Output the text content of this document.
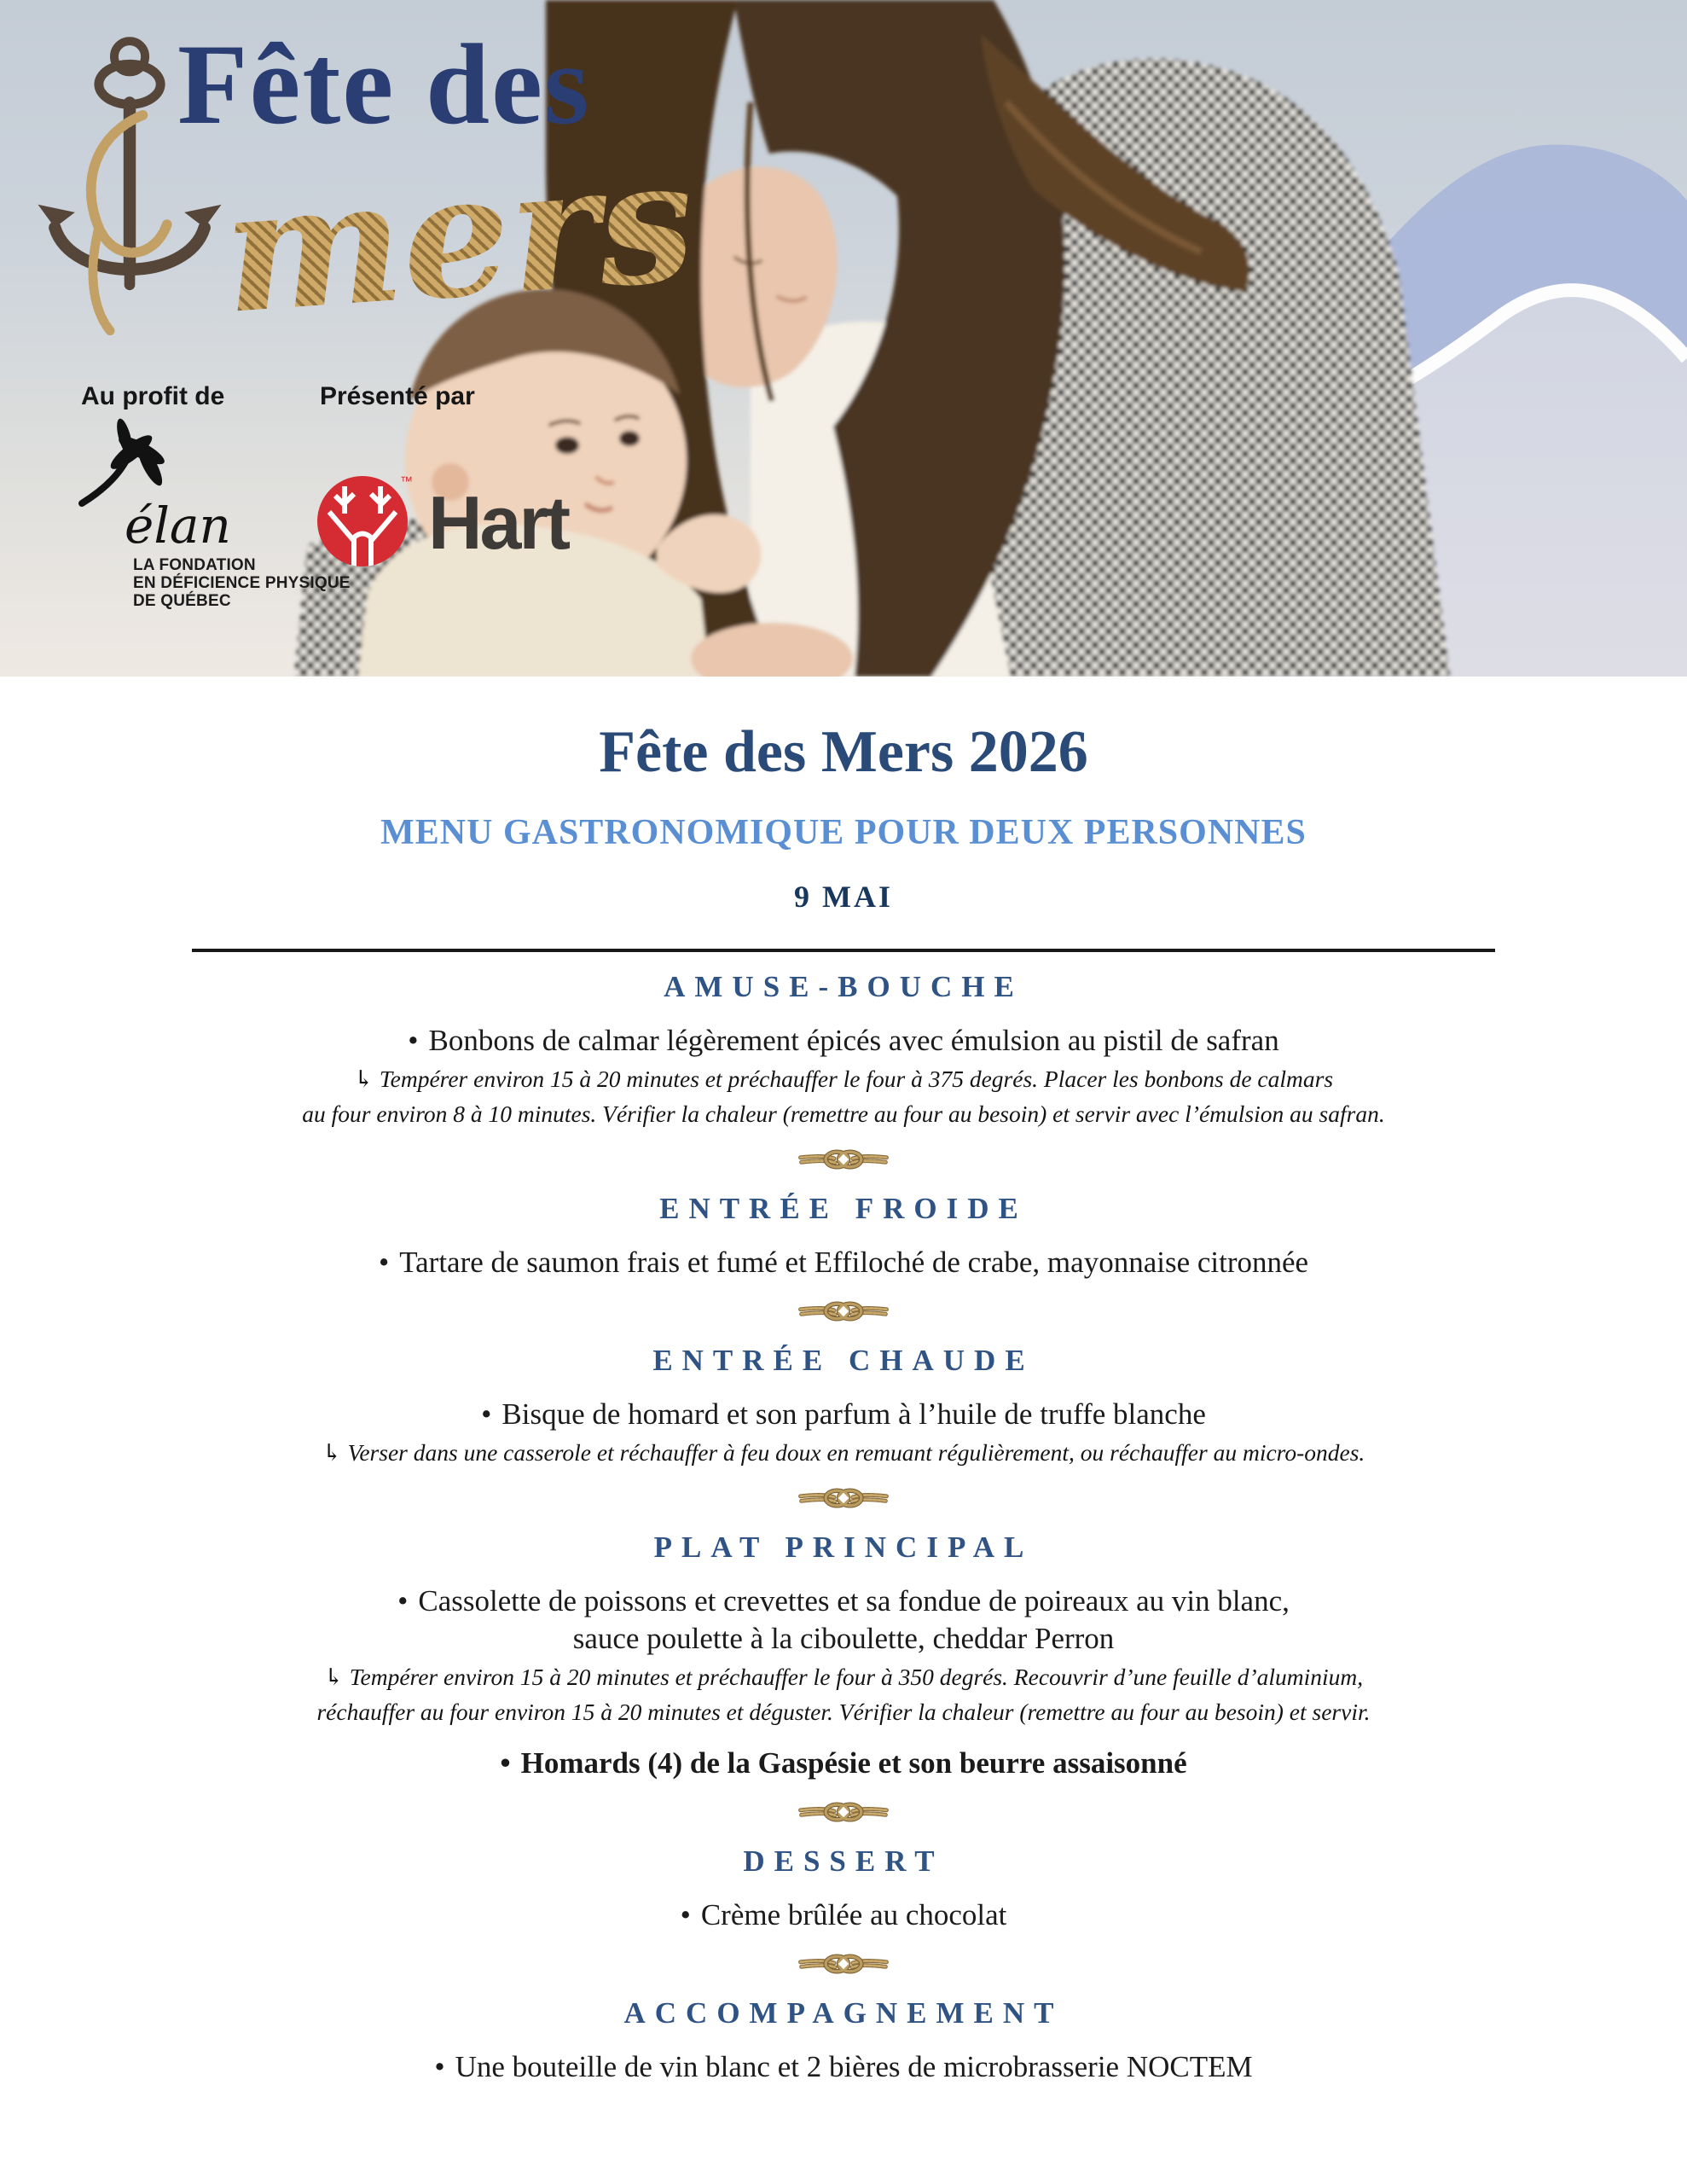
Fête des
mers
Au profit de	Présenté par
élan
LA FONDATION
EN DÉFICIENCE PHYSIQUE
DE QUÉBEC
™ Hart
Fête des Mers 2026
MENU GASTRONOMIQUE POUR DEUX PERSONNES
9 MAI
AMUSE-BOUCHE

• Bonbons de calmar légèrement épicés avec émulsion au pistil de safran

↳ Tempérer environ 15 à 20 minutes et préchauffer le four à 375 degrés. Placer les bonbons de calmars

au four environ 8 à 10 minutes. Vérifier la chaleur (remettre au four au besoin) et servir avec l’émulsion au safran.

ENTRÉE FROIDE

• Tartare de saumon frais et fumé et Effiloché de crabe, mayonnaise citronnée

ENTRÉE CHAUDE

• Bisque de homard et son parfum à l’huile de truffe blanche

↳ Verser dans une casserole et réchauffer à feu doux en remuant régulièrement, ou réchauffer au micro-ondes.

PLAT PRINCIPAL

• Cassolette de poissons et crevettes et sa fondue de poireaux au vin blanc,

sauce poulette à la ciboulette, cheddar Perron

↳ Tempérer environ 15 à 20 minutes et préchauffer le four à 350 degrés. Recouvrir d’une feuille d’aluminium,

réchauffer au four environ 15 à 20 minutes et déguster. Vérifier la chaleur (remettre au four au besoin) et servir.

• Homards (4) de la Gaspésie et son beurre assaisonné

DESSERT

• Crème brûlée au chocolat

ACCOMPAGNEMENT

• Une bouteille de vin blanc et 2 bières de microbrasserie NOCTEM
